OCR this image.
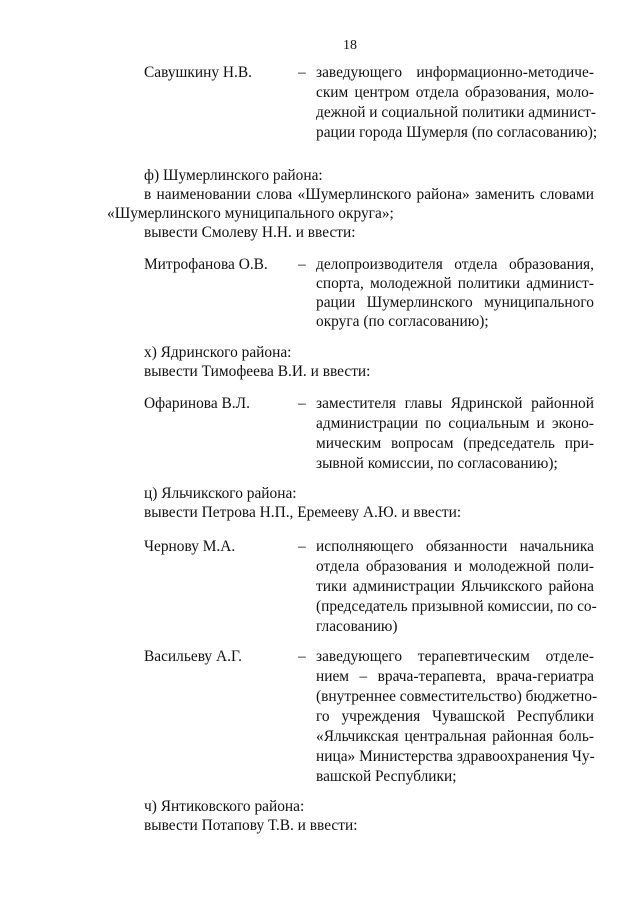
18
Савушкину Н.В.	– заведующего информационно-методиче-
ским центром отдела образования, моло-
дежной и социальной политики админист-
рации города Шумерля (по согласованию);
ф) Шумерлинского района:
в наименовании слова «Шумерлинского района» заменить словами
«Шумерлинского муниципального округа»;
вывести Смолеву Н.Н. и ввести:
Митрофанова О.В. – делопроизводителя отдела образования,
спорта, молодежной политики админист-
рации Шумерлинского муниципального
округа (по согласованию);
х) Ядринского района:
вывести Тимофеева В.И. и ввести:
Офаринова В.Л.	– заместителя главы Ядринской районной
администрации по социальным и эконо-
мическим вопросам (председатель при-
зывной комиссии, по согласованию);
ц) Яльчикского района:
вывести Петрова Н.П., Еремееву А.Ю. и ввести:
Чернову М.А.	– исполняющего обязанности начальника
отдела образования и молодежной поли-
тики администрации Яльчикского района
(председатель призывной комиссии, по со-
гласованию)
Васильеву А.Г.	– заведующего терапевтическим отделе-
нием – врача-терапевта, врача-гериатра
(внутреннее совместительство) бюджетно-
го учреждения Чувашской Республики
«Яльчикская центральная районная боль-
ница» Министерства здравоохранения Чу-
вашской Республики;
ч) Янтиковского района:
вывести Потапову Т.В. и ввести:
